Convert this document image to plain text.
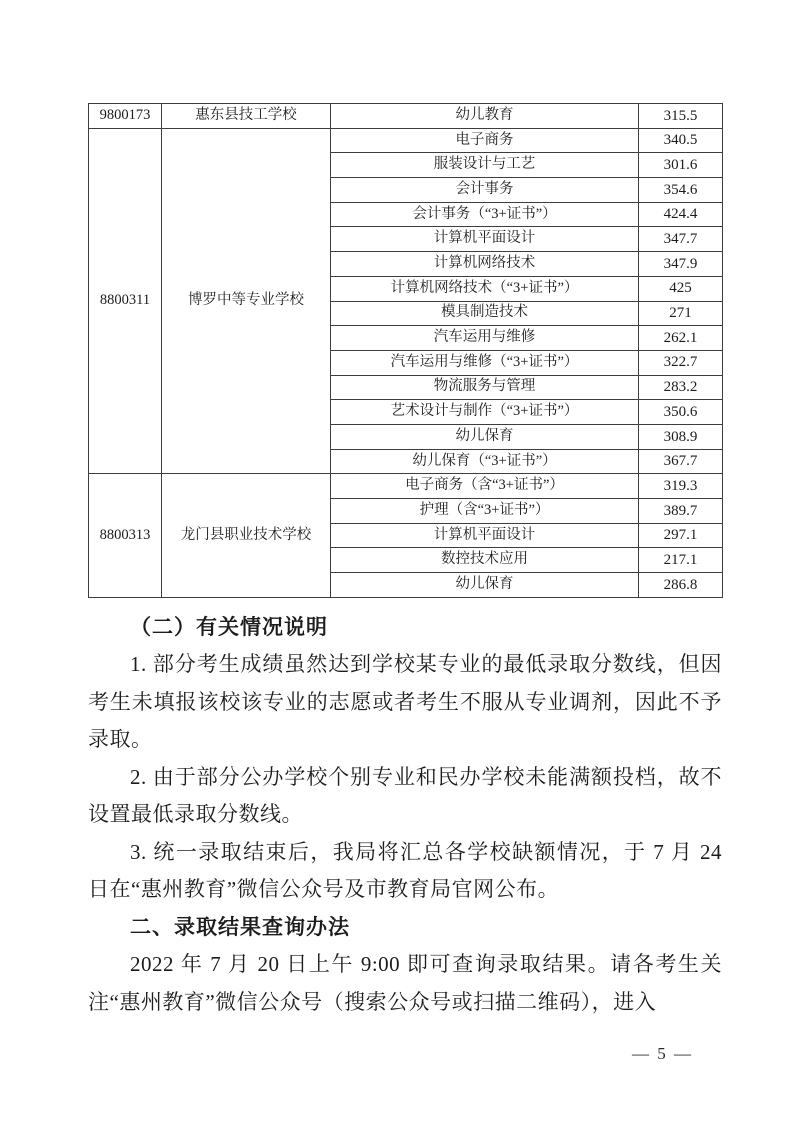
9800173	惠东县技工学校	幼儿教育	315.5
8800311	博罗中等专业学校	电子商务	340.5
		服装设计与工艺	301.6
		会计事务	354.6
		会计事务（“3+证书”）	424.4
		计算机平面设计	347.7
		计算机网络技术	347.9
		计算机网络技术（“3+证书”）	425
		模具制造技术	271
		汽车运用与维修	262.1
		汽车运用与维修（“3+证书”）	322.7
		物流服务与管理	283.2
		艺术设计与制作（“3+证书”）	350.6
		幼儿保育	308.9
		幼儿保育（“3+证书”）	367.7
8800313	龙门县职业技术学校	电子商务（含“3+证书”）	319.3
		护理（含“3+证书”）	389.7
		计算机平面设计	297.1
		数控技术应用	217.1
		幼儿保育	286.8

（二）有关情况说明

1. 部分考生成绩虽然达到学校某专业的最低录取分数线，但因考生未填报该校该专业的志愿或者考生不服从专业调剂，因此不予录取。

2. 由于部分公办学校个别专业和民办学校未能满额投档，故不设置最低录取分数线。

3. 统一录取结束后，我局将汇总各学校缺额情况，于 7 月 24 日在“惠州教育”微信公众号及市教育局官网公布。

二、录取结果查询办法

2022 年 7 月 20 日上午 9:00 即可查询录取结果。请各考生关注“惠州教育”微信公众号（搜索公众号或扫描二维码），进入

— 5 —
